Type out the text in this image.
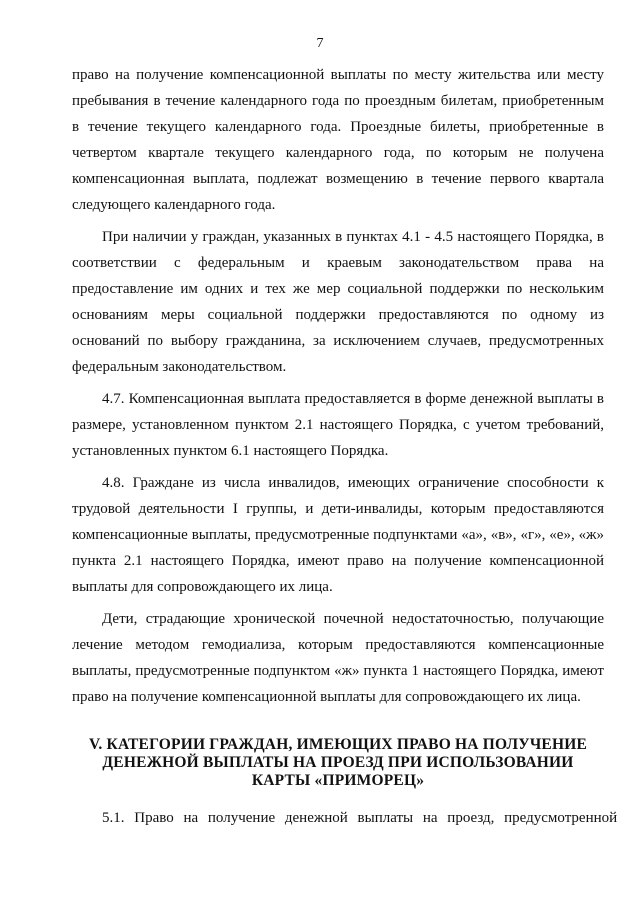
7

право на получение компенсационной выплаты по месту жительства или месту пребывания в течение календарного года по проездным билетам, приобретенным в течение текущего календарного года. Проездные билеты, приобретенные в четвертом квартале текущего календарного года, по которым не получена компенсационная выплата, подлежат возмещению в течение первого квартала следующего календарного года.

При наличии у граждан, указанных в пунктах 4.1 - 4.5 настоящего Порядка, в соответствии с федеральным и краевым законодательством права на предоставление им одних и тех же мер социальной поддержки по нескольким основаниям меры социальной поддержки предоставляются по одному из оснований по выбору гражданина, за исключением случаев, предусмотренных федеральным законодательством.

4.7. Компенсационная выплата предоставляется в форме денежной выплаты в размере, установленном пунктом 2.1 настоящего Порядка, с учетом требований, установленных пунктом 6.1 настоящего Порядка.

4.8. Граждане из числа инвалидов, имеющих ограничение способности к трудовой деятельности I группы, и дети-инвалиды, которым предоставляются компенсационные выплаты, предусмотренные подпунктами «а», «в», «г», «е», «ж» пункта 2.1 настоящего Порядка, имеют право на получение компенсационной выплаты для сопровождающего их лица.

Дети, страдающие хронической почечной недостаточностью, получающие лечение методом гемодиализа, которым предоставляются компенсационные выплаты, предусмотренные подпунктом «ж» пункта 1 настоящего Порядка, имеют право на получение компенсационной выплаты для сопровождающего их лица.

V. КАТЕГОРИИ ГРАЖДАН, ИМЕЮЩИХ ПРАВО НА ПОЛУЧЕНИЕ
ДЕНЕЖНОЙ ВЫПЛАТЫ НА ПРОЕЗД ПРИ ИСПОЛЬЗОВАНИИ
КАРТЫ «ПРИМОРЕЦ»
5.1. Право на получение денежной выплаты на проезд, предусмотренной
